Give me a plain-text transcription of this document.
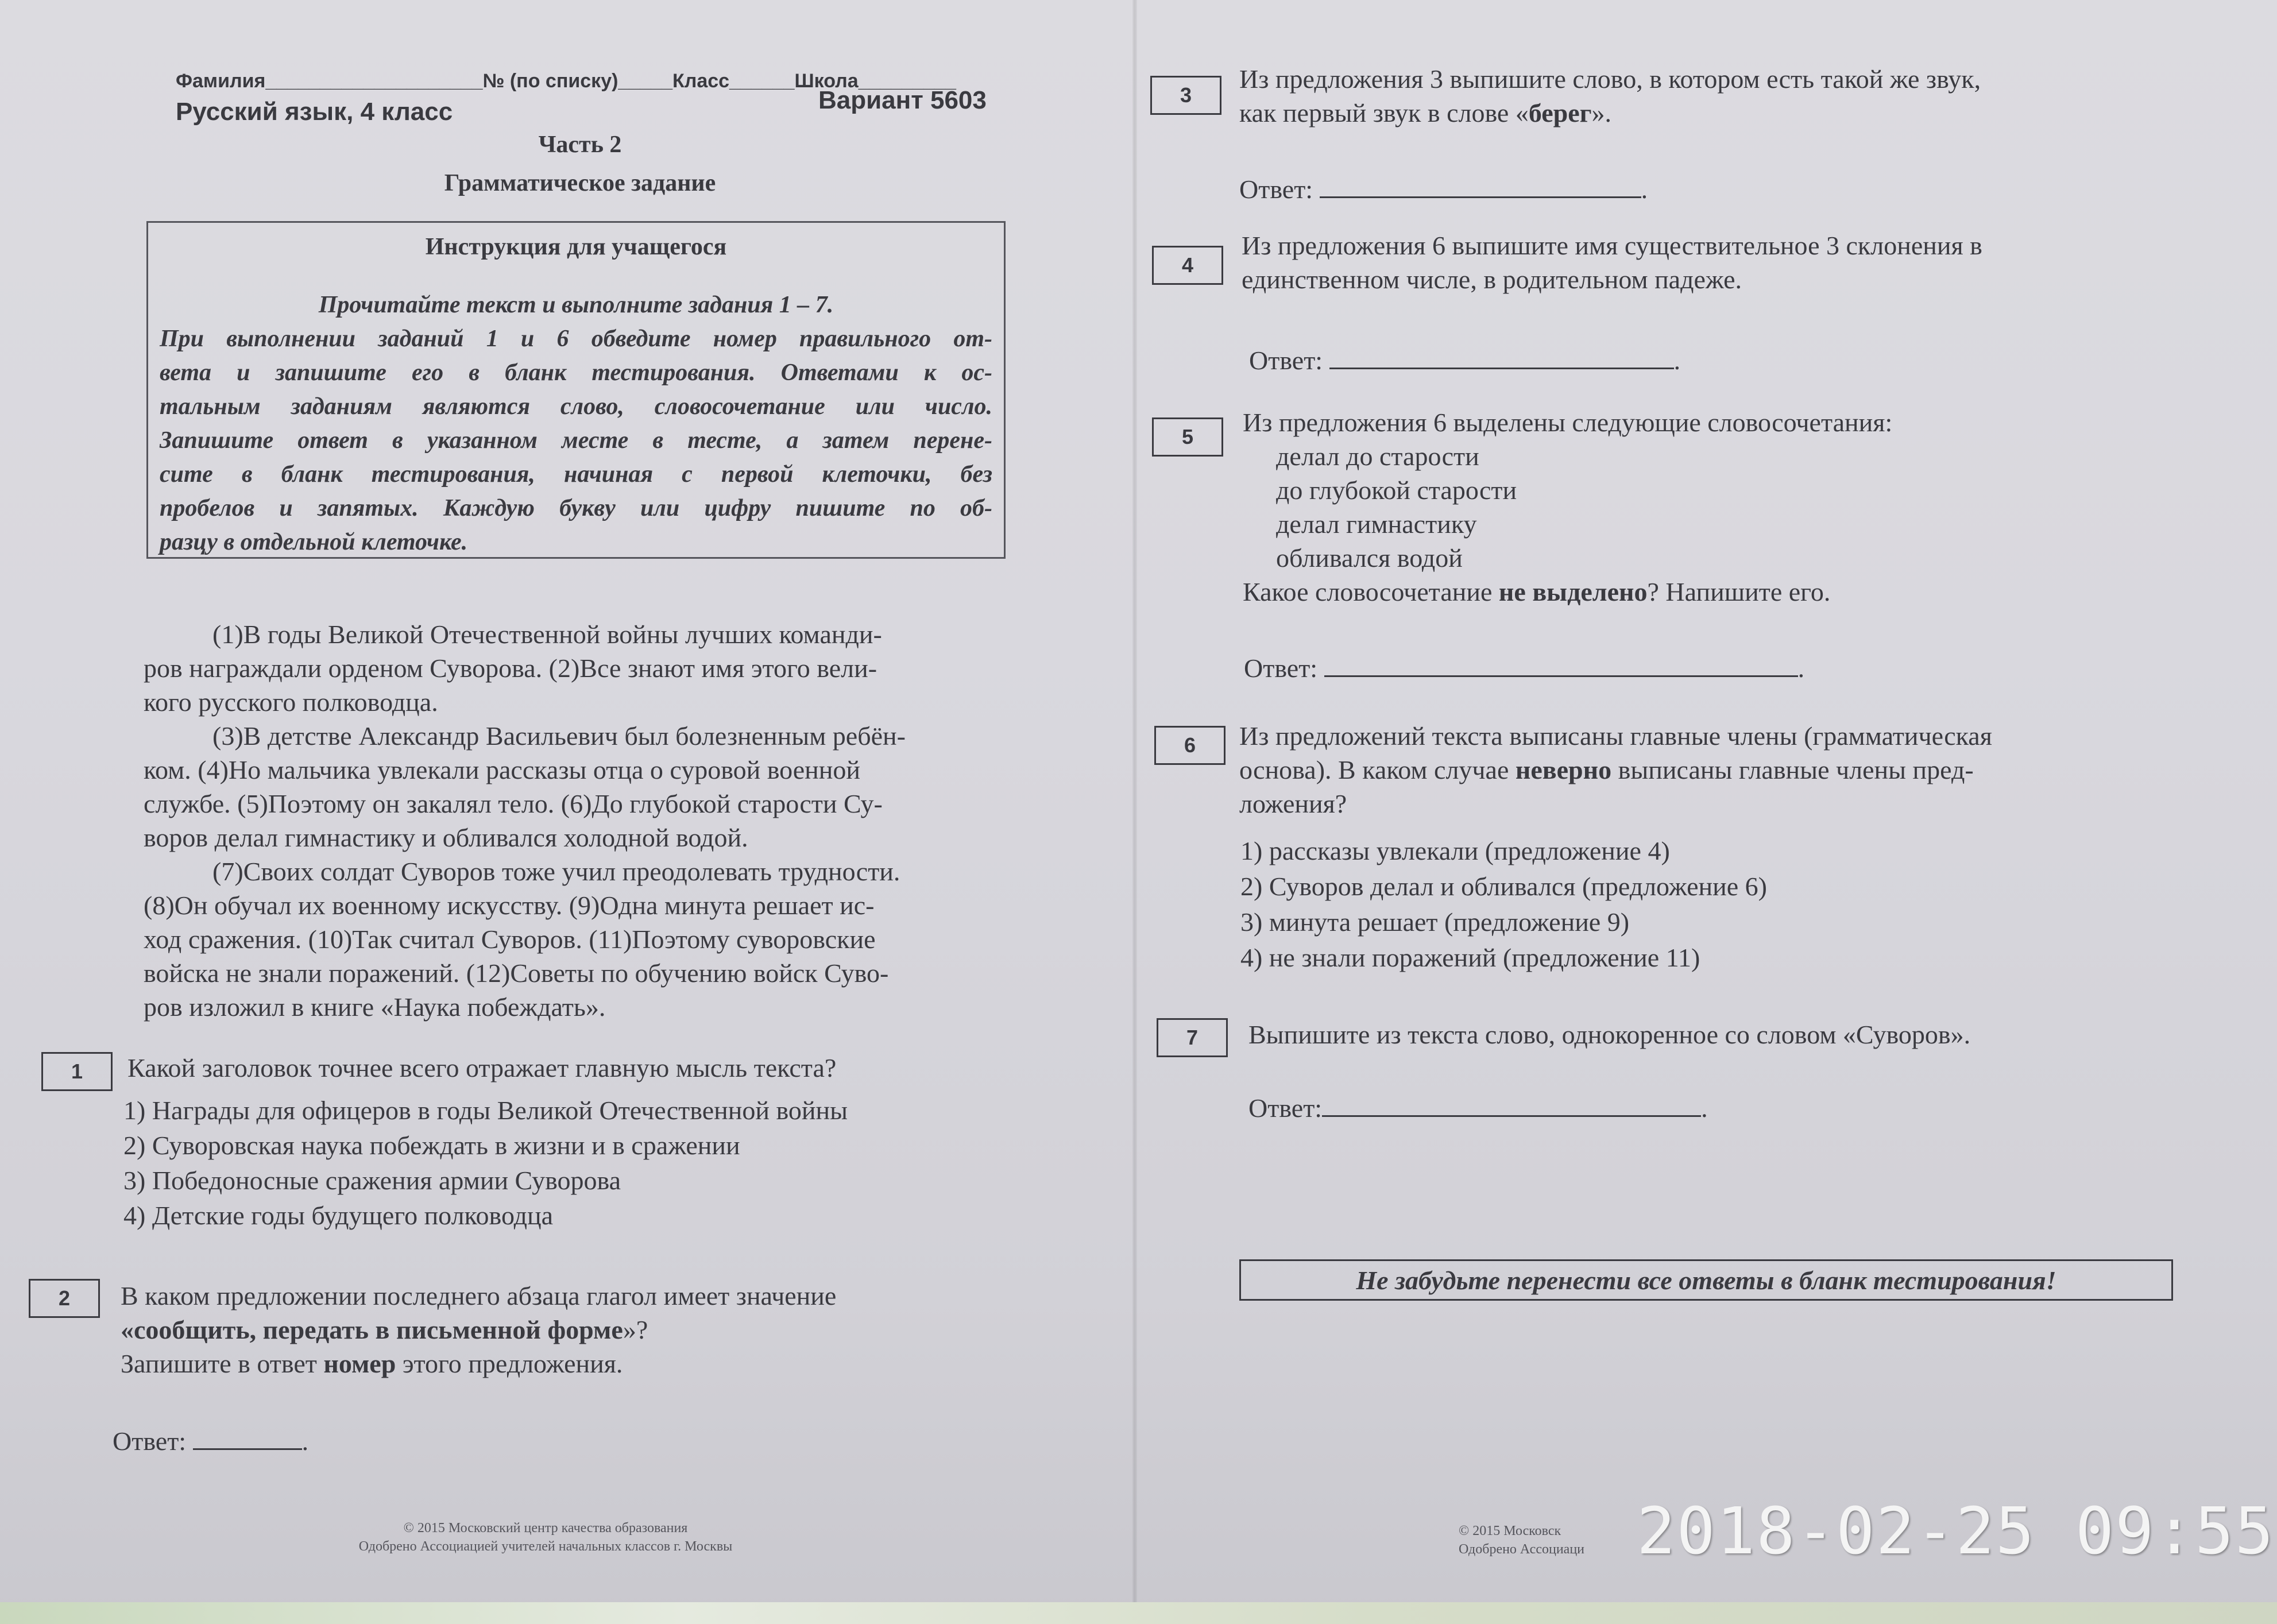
Фамилия____________________№ (по списку)_____Класс______Школа_________
Русский язык, 4 класс	Вариант 5603
Часть 2
Грамматическое задание
Инструкция для учащегося
Прочитайте текст и выполните задания 1 – 7.
При выполнении заданий 1 и 6 обведите номер правильного от-
вета и запишите его в бланк тестирования. Ответами к ос-
тальным заданиям являются слово, словосочетание или число.
Запишите ответ в указанном месте в тесте, а затем перене-
сите в бланк тестирования, начиная с первой клеточки, без
пробелов и запятых. Каждую букву или цифру пишите по об-
разцу в отдельной клеточке.
(1)В годы Великой Отечественной войны лучших команди-
ров награждали орденом Суворова. (2)Все знают имя этого вели-
кого русского полководца.
(3)В детстве Александр Васильевич был болезненным ребён-
ком. (4)Но мальчика увлекали рассказы отца о суровой военной
службе. (5)Поэтому он закалял тело. (6)До глубокой старости Су-
воров делал гимнастику и обливался холодной водой.
(7)Своих солдат Суворов тоже учил преодолевать трудности.
(8)Он обучал их военному искусству. (9)Одна минута решает ис-
ход сражения. (10)Так считал Суворов. (11)Поэтому суворовские
войска не знали поражений. (12)Советы по обучению войск Суво-
ров изложил в книге «Наука побеждать».
1	Какой заголовок точнее всего отражает главную мысль текста?
1) Награды для офицеров в годы Великой Отечественной войны
2) Суворовская наука побеждать в жизни и в сражении
3) Победоносные сражения армии Суворова
4) Детские годы будущего полководца
2	В каком предложении последнего абзаца глагол имеет значение
«сообщить, передать в письменной форме»?
Запишите в ответ номер этого предложения.
Ответ:	.
© 2015 Московский центр качества образования
Одобрено Ассоциацией учителей начальных классов г. Москвы
3
Из предложения 3 выпишите слово, в котором есть такой же звук,
как первый звук в слове «берег».
Ответ:	.
4
Из предложения 6 выпишите имя существительное 3 склонения в
единственном числе, в родительном падеже.
Ответ:	.
5	Из предложения 6 выделены следующие словосочетания:
делал до старости
до глубокой старости
делал гимнастику
обливался водой
Какое словосочетание не выделено? Напишите его.
Ответ:	.
6	Из предложений текста выписаны главные члены (грамматическая
основа). В каком случае неверно выписаны главные члены пред-
ложения?
1) рассказы увлекали (предложение 4)
2) Суворов делал и обливался (предложение 6)
3) минута решает (предложение 9)
4) не знали поражений (предложение 11)
7	Выпишите из текста слово, однокоренное со словом «Суворов».
Ответ:	.
Не забудьте перенести все ответы в бланк тестирования!
© 2015 Московск
Одобрено Ассоциаци 2018-02-25 09:55
